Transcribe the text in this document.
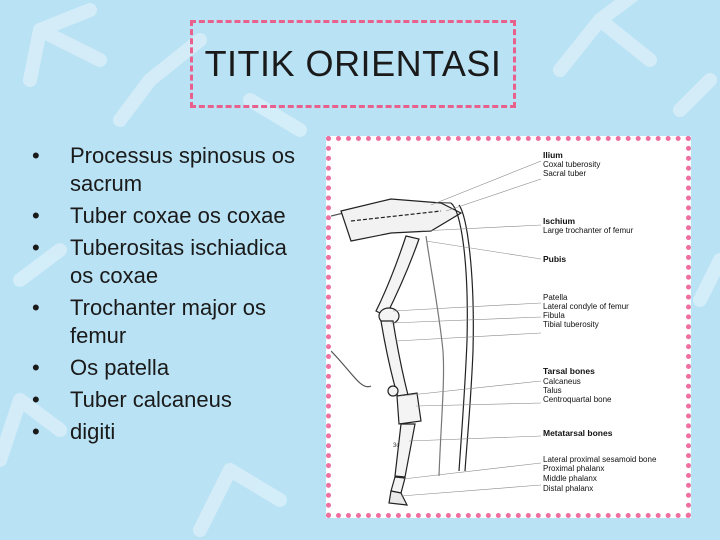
TITIK ORIENTASI
• Processus spinosus os sacrum
• Tuber coxae os coxae
• Tuberositas ischiadica os coxae
• Trochanter major os femur
• Os patella
• Tuber calcaneus
• digiti
3c
Ilium
Coxal tuberosity
Sacral tuber
Ischium
Large trochanter of femur
Pubis
Patella
Lateral condyle of femur
Fibula
Tibial tuberosity
Tarsal bones
Calcaneus
Talus
Centroquartal bone
Metatarsal bones
Lateral proximal sesamoid bone
Proximal phalanx
Middle phalanx
Distal phalanx
